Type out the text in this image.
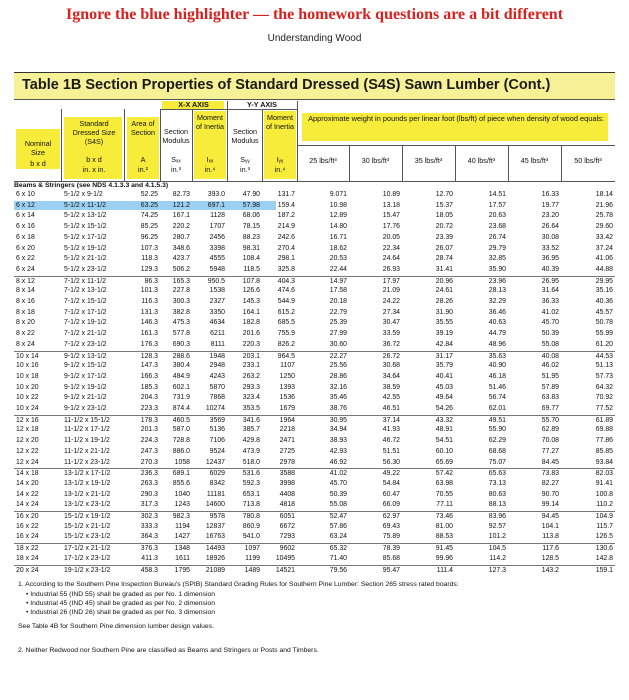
Ignore the blue highlighter — the homework questions are a bit different
Understanding Wood
Table 1B Section Properties of Standard Dressed (S4S) Sawn Lumber (Cont.)
X-X AXIS	Y-Y AXIS
Nominal Size
b x d
Standard Dressed Size (S4S)
b x d
in. x in.
Area of Section
A
in.²
Section Modulus
Sₓₓ
in.³
Moment of Inertia
Iₓₓ
in.⁴
Section Modulus
Sᵧᵧ
in.³
Moment of Inertia
Iᵧᵧ
in.⁴
Approximate weight in pounds per linear foot (lbs/ft) of piece when density of wood equals:
25 lbs/ft³	30 lbs/ft³	35 lbs/ft³	40 lbs/ft³	45 lbs/ft³	50 lbs/ft³
Beams & Stringers (see NDS 4.1.3.3 and 4.1.5.3)
6 x 10	5-1/2 x 9-1/2	52.25	82.73	393.0	47.90	131.7	9.071	10.89	12.70	14.51	16.33	18.14
6 x 12	5-1/2 x 11-1/2	63.25	121.2	697.1	57.98	159.4	10.98	13.18	15.37	17.57	19.77	21.96
6 x 14	5-1/2 x 13-1/2	74.25	167.1	1128	68.06	187.2	12.89	15.47	18.05	20.63	23.20	25.78
6 x 16	5-1/2 x 15-1/2	85.25	220.2	1707	78.15	214.9	14.80	17.76	20.72	23.68	26.64	29.60
6 x 18	5-1/2 x 17-1/2	96.25	280.7	2456	88.23	242.6	16.71	20.05	23.39	26.74	30.08	33.42
6 x 20	5-1/2 x 19-1/2	107.3	348.6	3398	98.31	270.4	18.62	22.34	26.07	29.79	33.52	37.24
6 x 22	5-1/2 x 21-1/2	118.3	423.7	4555	108.4	298.1	20.53	24.64	28.74	32.85	36.95	41.06
6 x 24	5-1/2 x 23-1/2	129.3	506.2	5948	118.5	325.8	22.44	26.93	31.41	35.90	40.39	44.88
8 x 12	7-1/2 x 11-1/2	86.3	165.3	950.5	107.8	404.3	14.97	17.97	20.96	23.96	26.95	29.95
8 x 14	7-1/2 x 13-1/2	101.3	227.8	1538	126.6	474.6	17.58	21.09	24.61	28.13	31.64	35.16
8 x 16	7-1/2 x 15-1/2	116.3	300.3	2327	145.3	544.9	20.18	24.22	28.26	32.29	36.33	40.36
8 x 18	7-1/2 x 17-1/2	131.3	382.8	3350	164.1	615.2	22.79	27.34	31.90	36.46	41.02	45.57
8 x 20	7-1/2 x 19-1/2	146.3	475.3	4634	182.8	685.5	25.39	30.47	35.55	40.63	45.70	50.78
8 x 22	7-1/2 x 21-1/2	161.3	577.8	6211	201.6	755.9	27.99	33.59	39.19	44.79	50.39	55.99
8 x 24	7-1/2 x 23-1/2	176.3	690.3	8111	220.3	826.2	30.60	36.72	42.84	48.96	55.08	61.20
10 x 14	9-1/2 x 13-1/2	128.3	288.6	1948	203.1	964.5	22.27	26.72	31.17	35.63	40.08	44.53
10 x 16	9-1/2 x 15-1/2	147.3	380.4	2948	233.1	1107	25.56	30.68	35.79	40.90	46.02	51.13
10 x 18	9-1/2 x 17-1/2	166.3	484.9	4243	263.2	1250	28.86	34.64	40.41	46.18	51.95	57.73
10 x 20	9-1/2 x 19-1/2	185.3	602.1	5870	293.3	1393	32.16	38.59	45.03	51.46	57.89	64.32
10 x 22	9-1/2 x 21-1/2	204.3	731.9	7868	323.4	1536	35.46	42.55	49.64	56.74	63.83	70.92
10 x 24	9-1/2 x 23-1/2	223.3	874.4	10274	353.5	1679	38.76	46.51	54.26	62.01	69.77	77.52
12 x 16	11-1/2 x 15-1/2	178.3	460.5	3569	341.6	1964	30.95	37.14	43.32	49.51	55.70	61.89
12 x 18	11-1/2 x 17-1/2	201.3	587.0	5136	385.7	2218	34.94	41.93	48.91	55.90	62.89	69.88
12 x 20	11-1/2 x 19-1/2	224.3	728.8	7106	429.8	2471	38.93	46.72	54.51	62.29	70.08	77.86
12 x 22	11-1/2 x 21-1/2	247.3	886.0	9524	473.9	2725	42.93	51.51	60.10	68.68	77.27	85.85
12 x 24	11-1/2 x 23-1/2	270.3	1058	12437	518.0	2978	46.92	56.30	65.69	75.07	84.45	93.84
14 x 18	13-1/2 x 17-1/2	236.3	689.1	6029	531.6	3588	41.02	49.22	57.42	65.63	73.83	82.03
14 x 20	13-1/2 x 19-1/2	263.3	855.6	8342	592.3	3998	45.70	54.84	63.98	73.13	82.27	91.41
14 x 22	13-1/2 x 21-1/2	290.3	1040	11181	653.1	4408	50.39	60.47	70.55	80.63	90.70	100.8
14 x 24	13-1/2 x 23-1/2	317.3	1243	14600	713.8	4818	55.08	66.09	77.11	88.13	99.14	110.2
16 x 20	15-1/2 x 19-1/2	302.3	982.3	9578	780.8	6051	52.47	62.97	73.46	83.96	94.45	104.9
16 x 22	15-1/2 x 21-1/2	333.3	1194	12837	860.9	6672	57.86	69.43	81.00	92.57	104.1	115.7
16 x 24	15-1/2 x 23-1/2	364.3	1427	16763	941.0	7293	63.24	75.89	88.53	101.2	113.8	126.5
18 x 22	17-1/2 x 21-1/2	376.3	1348	14493	1097	9602	65.32	78.39	91.45	104.5	117.6	130.6
18 x 24	17-1/2 x 23-1/2	411.3	1611	18926	1199	10495	71.40	85.68	99.96	114.2	128.5	142.8
20 x 24	19-1/2 x 23-1/2	458.3	1795	21089	1489	14521	79.56	95.47	111.4	127.3	143.2	159.1
1. According to the Southern Pine Inspection Bureau's (SPIB) Standard Grading Rules for Southern Pine Lumber: Section 265 stress rated boards:
• Industrial 55 (IND 55) shall be graded as per No. 1 dimension
• Industrial 45 (IND 45) shall be graded as per No. 2 dimension
• Industrial 26 (IND 26) shall be graded as per No. 3 dimension
See Table 4B for Southern Pine dimension lumber design values.
2. Neither Redwood nor Southern Pine are classified as Beams and Stringers or Posts and Timbers.
